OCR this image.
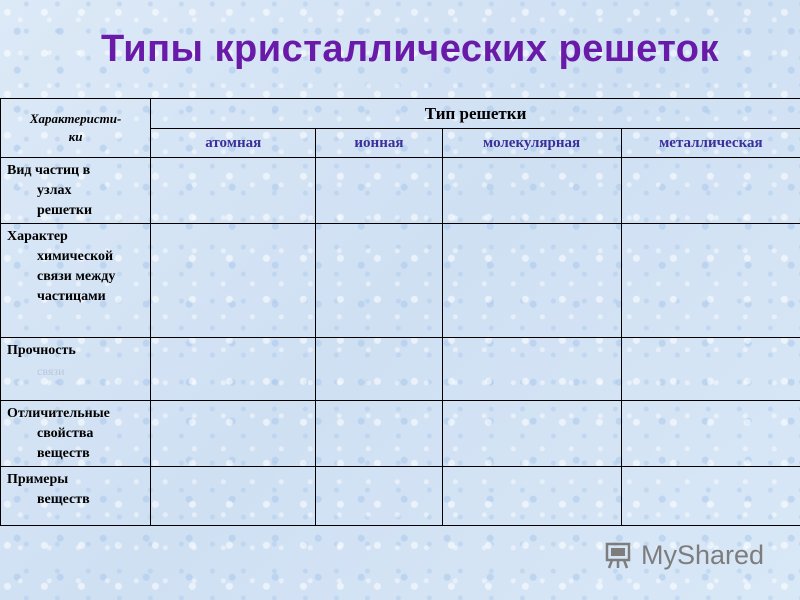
Типы кристаллических решеток
Характеристи-
ки	Тип решетки			
	атомная	ионная	молекулярная	металлическая

Вид частиц в
узлах
решетки				

Характер
химической
связи между
частицами				

Прочность
связи				

Отличительные
свойства
веществ				

Примеры
веществ				

MyShared
